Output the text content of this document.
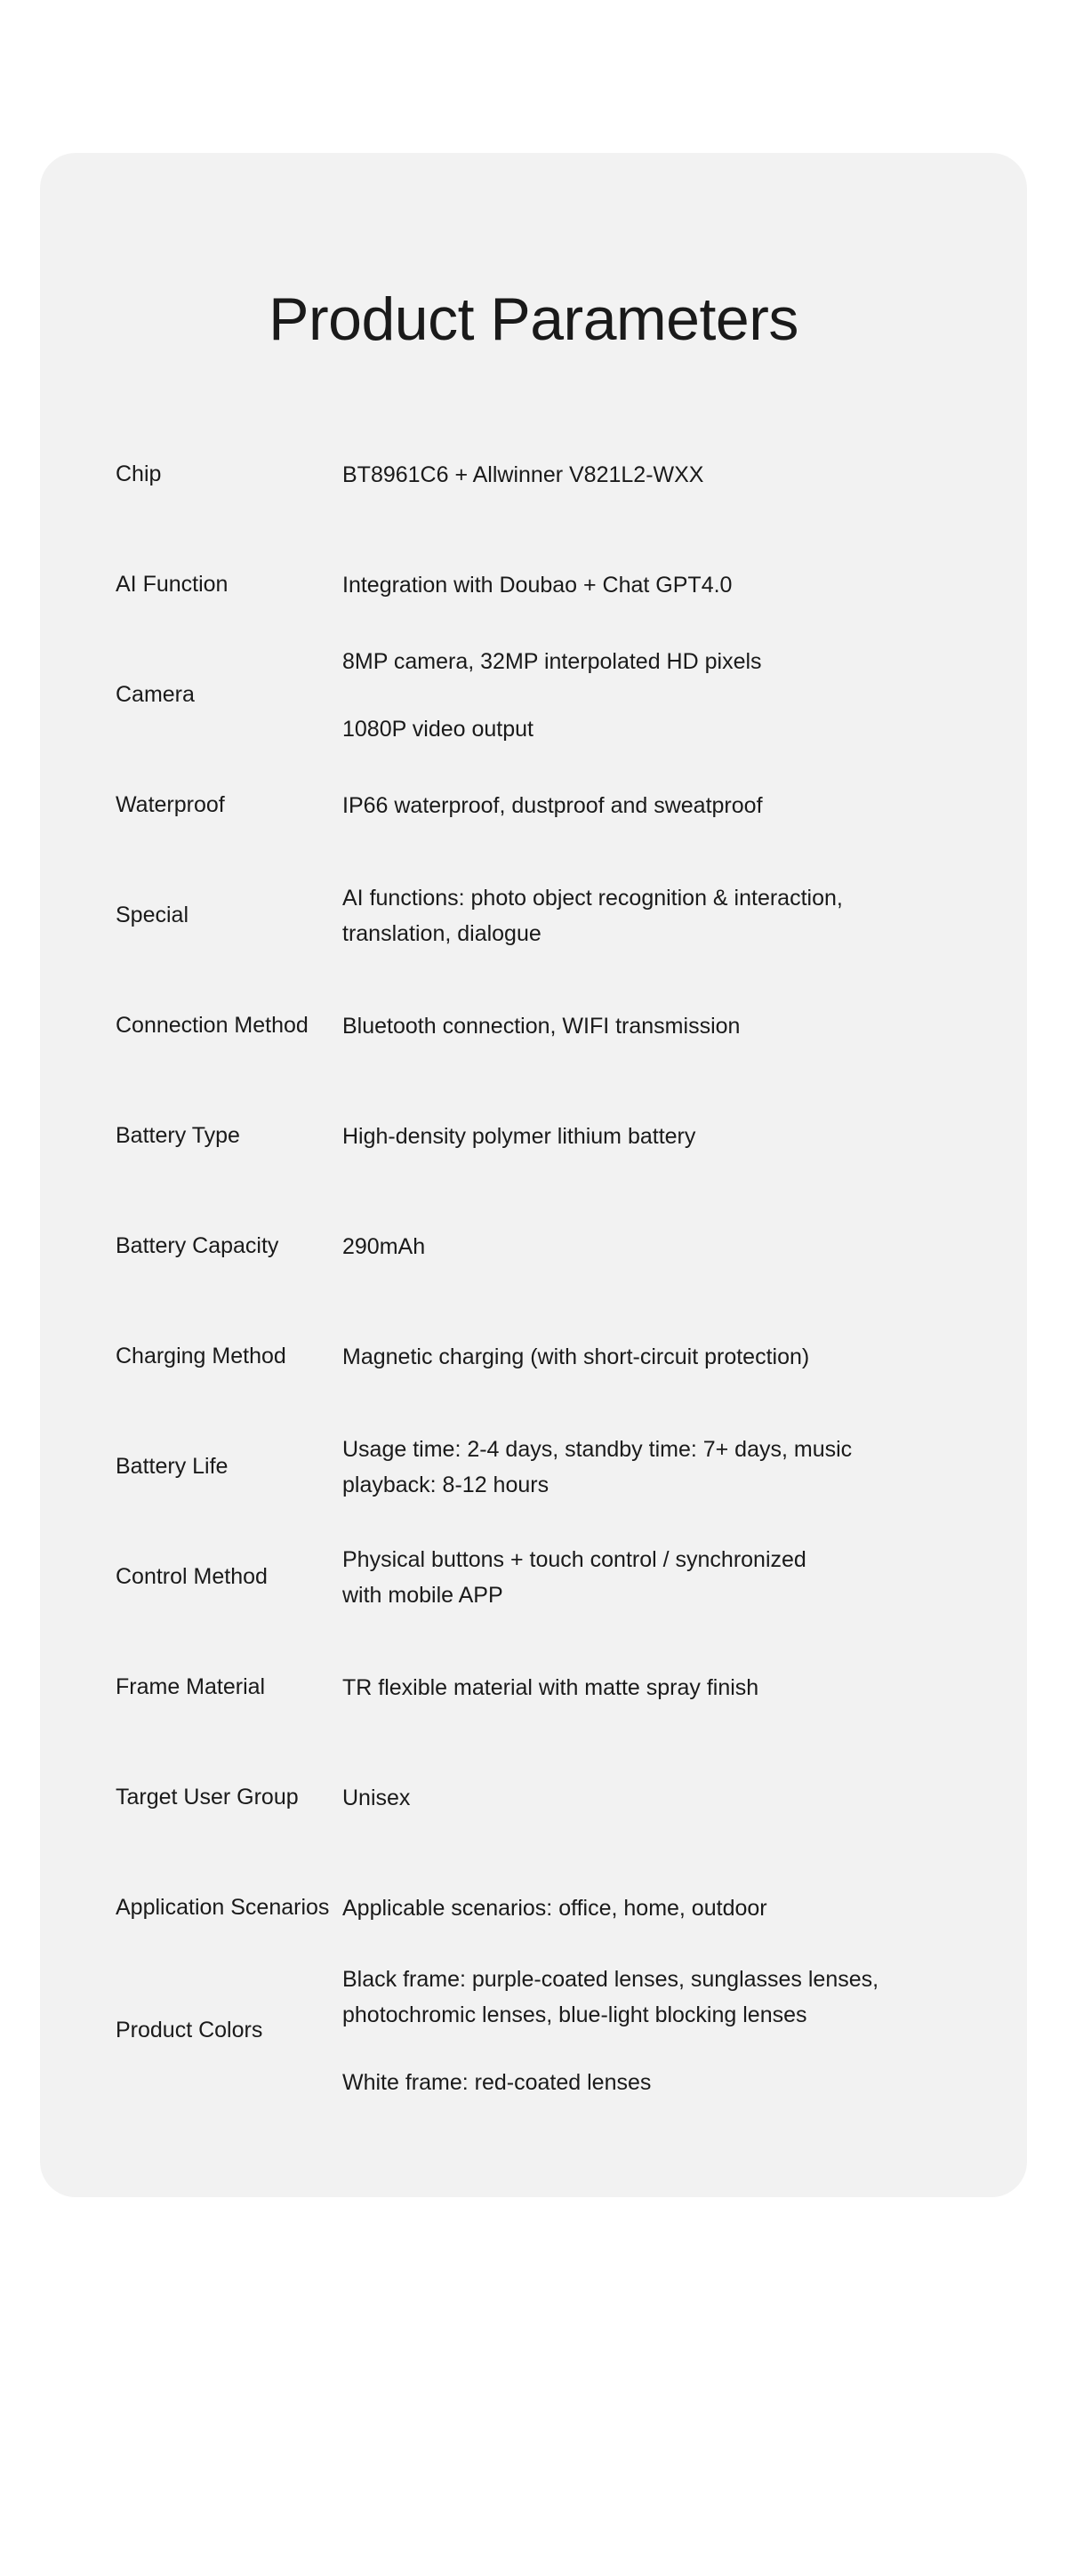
Product Parameters
Chip	BT8961C6 + Allwinner V821L2-WXX

AI Function	Integration with Doubao + Chat GPT4.0

Camera	8MP camera, 32MP interpolated HD pixels
1080P video output

Waterproof	IP66 waterproof, dustproof and sweatproof

Special	AI functions: photo object recognition & interaction,
translation, dialogue

Connection Method	Bluetooth connection, WIFI transmission

Battery Type	High-density polymer lithium battery

Battery Capacity	290mAh

Charging Method	Magnetic charging (with short-circuit protection)

Battery Life	Usage time: 2-4 days, standby time: 7+ days, music
playback: 8-12 hours

Control Method	Physical buttons + touch control / synchronized
with mobile APP

Frame Material	TR flexible material with matte spray finish

Target User Group	Unisex

Application Scenarios	Applicable scenarios: office, home, outdoor

Product Colors	Black frame: purple-coated lenses, sunglasses lenses,
photochromic lenses, blue-light blocking lenses
White frame: red-coated lenses
